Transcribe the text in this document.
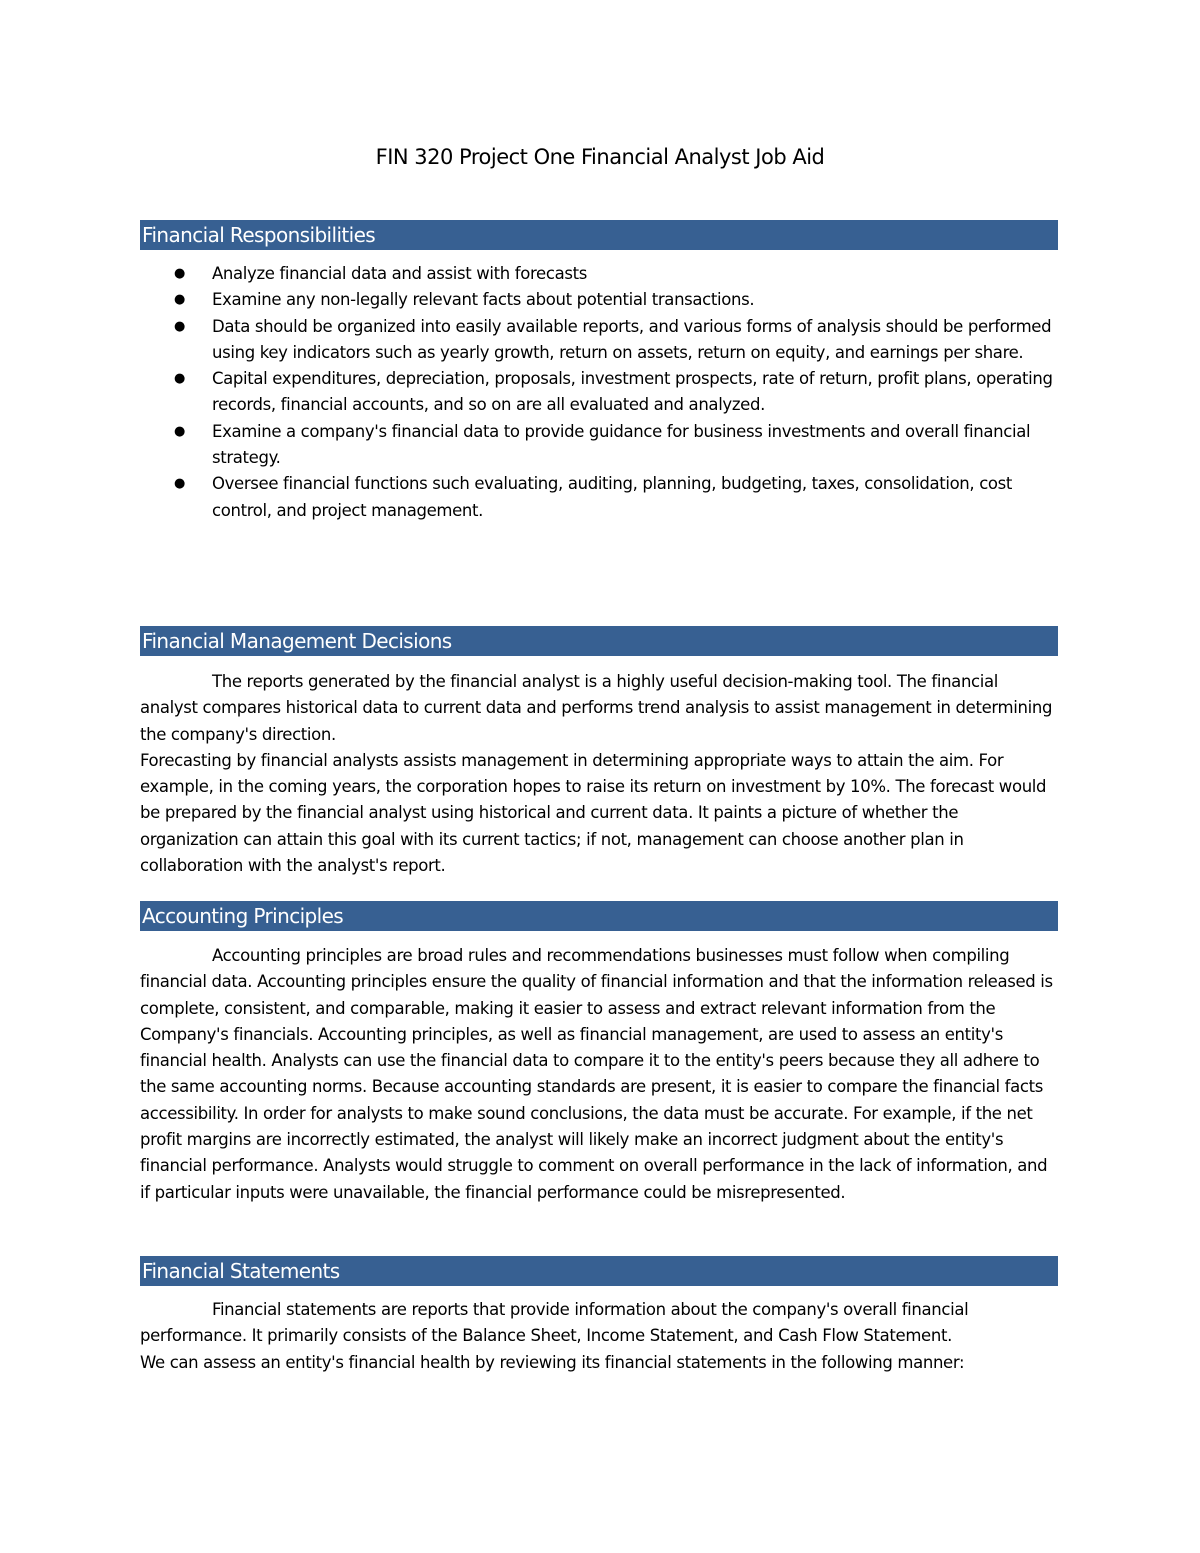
FIN 320 Project One Financial Analyst Job Aid
Financial Responsibilities
● Analyze financial data and assist with forecasts
● Examine any non-legally relevant facts about potential transactions.
● Data should be organized into easily available reports, and various forms of analysis should be performed using key indicators such as yearly growth, return on assets, return on equity, and earnings per share.
● Capital expenditures, depreciation, proposals, investment prospects, rate of return, profit plans, operating records, financial accounts, and so on are all evaluated and analyzed.
● Examine a company's financial data to provide guidance for business investments and overall financial strategy.
● Oversee financial functions such evaluating, auditing, planning, budgeting, taxes, consolidation, cost control, and project management.
Financial Management Decisions

The reports generated by the financial analyst is a highly useful decision-making tool. The financial analyst compares historical data to current data and performs trend analysis to assist management in determining the company's direction.

Forecasting by financial analysts assists management in determining appropriate ways to attain the aim. For example, in the coming years, the corporation hopes to raise its return on investment by 10%. The forecast would be prepared by the financial analyst using historical and current data. It paints a picture of whether the organization can attain this goal with its current tactics; if not, management can choose another plan in collaboration with the analyst's report.

Accounting Principles

Accounting principles are broad rules and recommendations businesses must follow when compiling financial data. Accounting principles ensure the quality of financial information and that the information released is complete, consistent, and comparable, making it easier to assess and extract relevant information from the Company's financials. Accounting principles, as well as financial management, are used to assess an entity's financial health. Analysts can use the financial data to compare it to the entity's peers because they all adhere to the same accounting norms. Because accounting standards are present, it is easier to compare the financial facts accessibility. In order for analysts to make sound conclusions, the data must be accurate. For example, if the net profit margins are incorrectly estimated, the analyst will likely make an incorrect judgment about the entity's financial performance. Analysts would struggle to comment on overall performance in the lack of information, and if particular inputs were unavailable, the financial performance could be misrepresented.

Financial Statements

Financial statements are reports that provide information about the company's overall financial performance. It primarily consists of the Balance Sheet, Income Statement, and Cash Flow Statement.

We can assess an entity's financial health by reviewing its financial statements in the following manner:
